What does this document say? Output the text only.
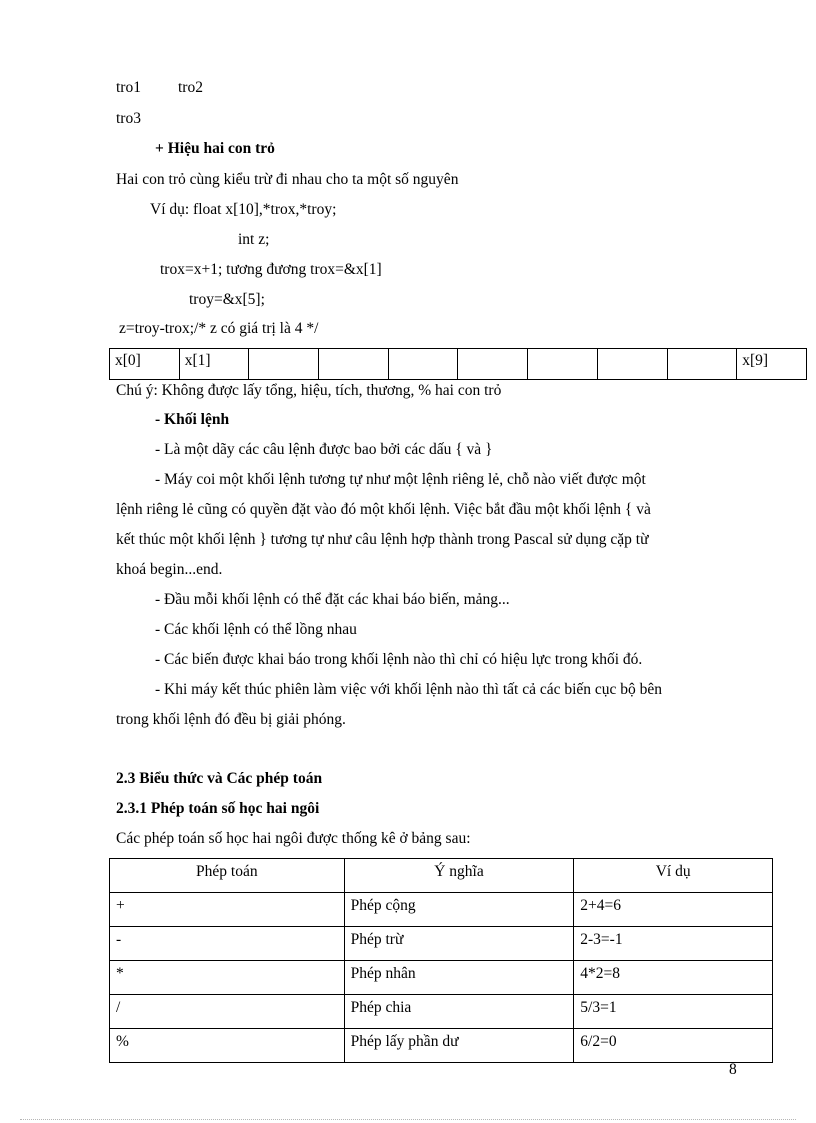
tro1 tro2
tro3
+ Hiệu hai con trỏ
Hai con trỏ cùng kiểu trừ đi nhau cho ta một số nguyên
Ví dụ: float x[10],*trox,*troy;
int z;
trox=x+1; tương đương trox=&x[1]
troy=&x[5];
z=troy-trox;/* z có giá trị là 4 */
x[0]	x[1]								x[9]
Chú ý: Không được lấy tổng, hiệu, tích, thương, % hai con trỏ
- Khối lệnh
- Là một dãy các câu lệnh được bao bởi các dấu { và }
- Máy coi một khối lệnh tương tự như một lệnh riêng lẻ, chỗ nào viết được một
lệnh riêng lẻ cũng có quyền đặt vào đó một khối lệnh. Việc bắt đầu một khối lệnh { và
kết thúc một khối lệnh } tương tự như câu lệnh hợp thành trong Pascal sử dụng cặp từ
khoá begin...end.
- Đầu mỗi khối lệnh có thể đặt các khai báo biến, mảng...
- Các khối lệnh có thể lồng nhau
- Các biến được khai báo trong khối lệnh nào thì chỉ có hiệu lực trong khối đó.
- Khi máy kết thúc phiên làm việc với khối lệnh nào thì tất cả các biến cục bộ bên
trong khối lệnh đó đều bị giải phóng.
2.3 Biểu thức và Các phép toán
2.3.1 Phép toán số học hai ngôi
Các phép toán số học hai ngôi được thống kê ở bảng sau:
Phép toán	Ý nghĩa	Ví dụ
+	Phép cộng	2+4=6
-	Phép trừ	2-3=-1
*	Phép nhân	4*2=8
/	Phép chia	5/3=1
%	Phép lấy phần dư	6/2=0
8
